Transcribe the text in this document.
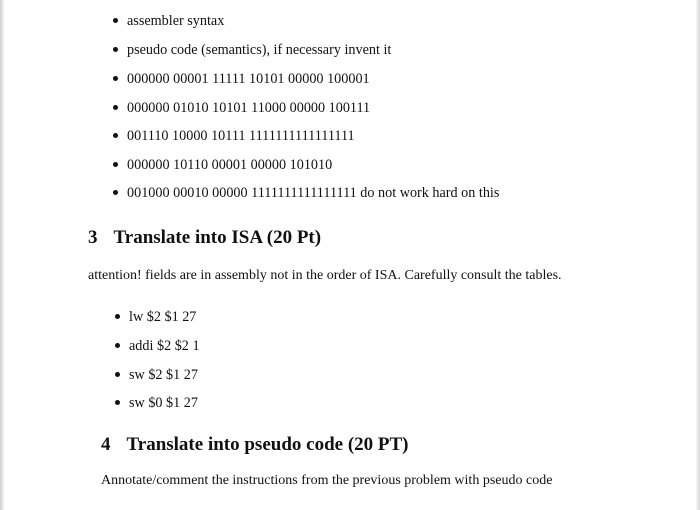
assembler syntax
pseudo code (semantics), if necessary invent it
000000 00001 11111 10101 00000 100001
000000 01010 10101 11000 00000 100111
001110 10000 10111 1111111111111111
000000 10110 00001 00000 101010
001000 00010 00000 1111111111111111 do not work hard on this
3 Translate into ISA (20 Pt)
attention! fields are in assembly not in the order of ISA. Carefully consult the tables.
lw $2 $1 27
addi $2 $2 1
sw $2 $1 27
sw $0 $1 27
4 Translate into pseudo code (20 PT)
Annotate/comment the instructions from the previous problem with pseudo code
